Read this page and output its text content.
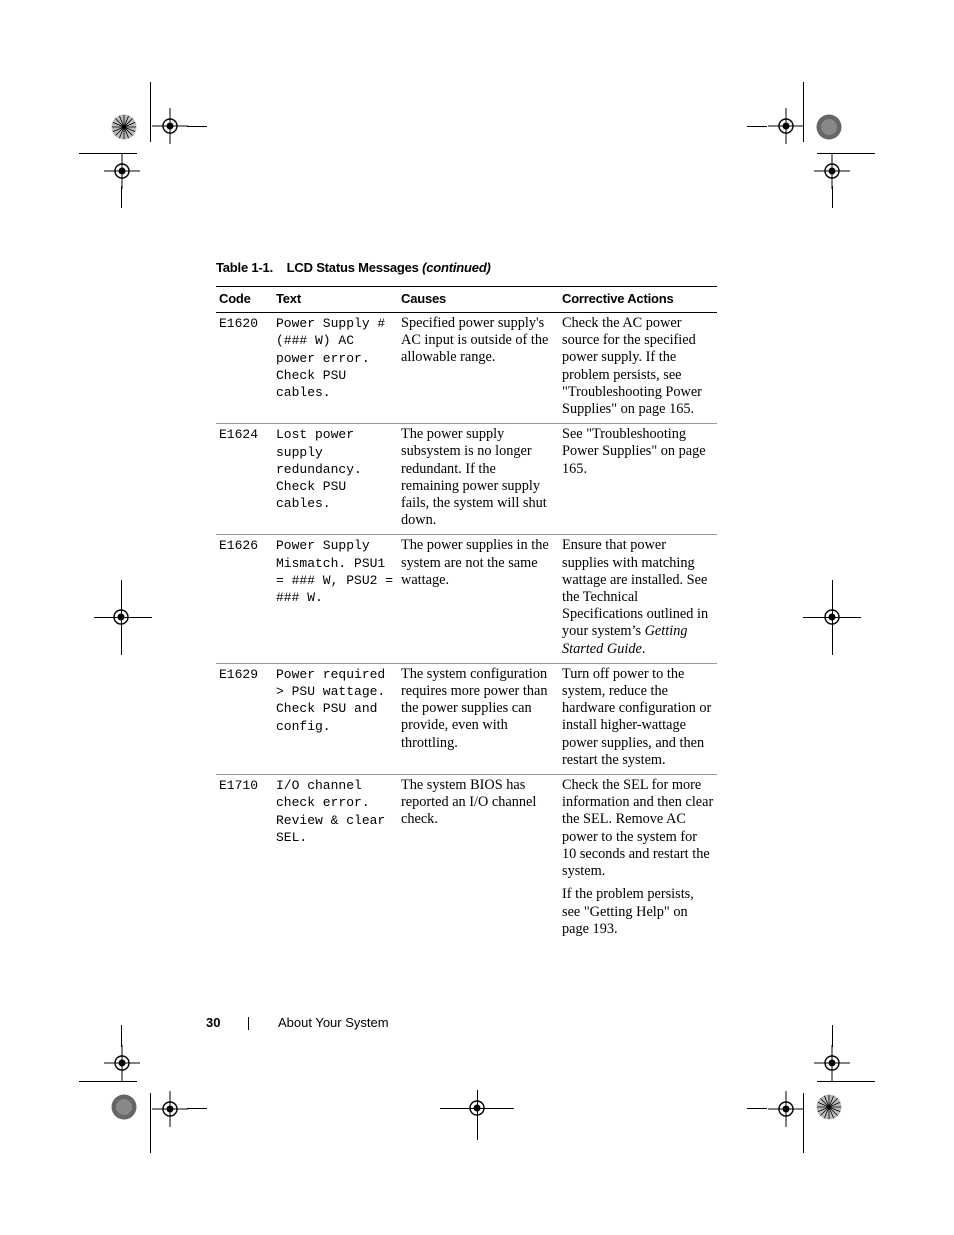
Table 1-1. LCD Status Messages (continued)
Code	Text	Causes	Corrective Actions
E1620	Power Supply # (### W) AC power error. Check PSU cables.	Specified power supply's AC input is outside of the allowable range.	Check the AC power source for the specified power supply. If the problem persists, see "Troubleshooting Power Supplies" on page 165.

E1624	Lost power supply redundancy. Check PSU cables.	The power supply subsystem is no longer redundant. If the remaining power supply fails, the system will shut down.	See "Troubleshooting Power Supplies" on page 165.

E1626	Power Supply Mismatch. PSU1 = ### W, PSU2 = ### W.	The power supplies in the system are not the same wattage.	Ensure that power supplies with matching wattage are installed. See the Technical Specifications outlined in your system’s Getting Started Guide.

E1629	Power required > PSU wattage. Check PSU and config.	The system configuration requires more power than the power supplies can provide, even with throttling.	Turn off power to the system, reduce the hardware configuration or install higher-wattage power supplies, and then restart the system.

E1710	I/O channel check error. Review & clear SEL.	The system BIOS has reported an I/O channel check.	Check the SEL for more information and then clear the SEL. Remove AC power to the system for 10 seconds and restart the system.

If the problem persists, see "Getting Help" on page 193.

30	About Your System
